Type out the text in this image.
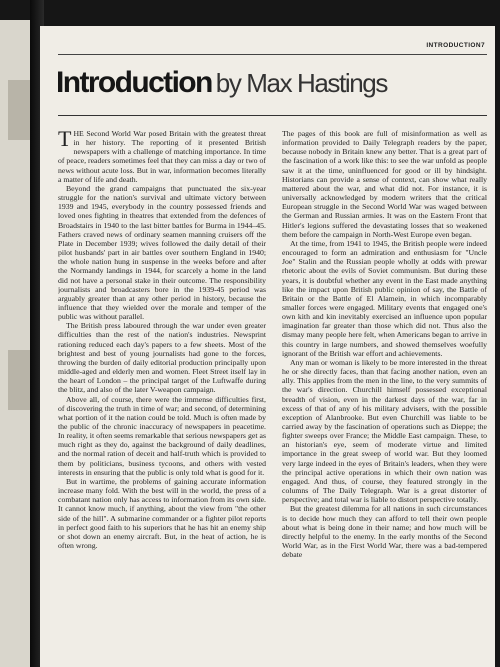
INTRODUCTION7
Introduction by Max Hastings

THE Second World War posed Britain with the greatest threat in her history. The reporting of it presented British newspapers with a challenge of matching importance. In time of peace, readers sometimes feel that they can miss a day or two of news without acute loss. But in war, information becomes literally a matter of life and death.

Beyond the grand campaigns that punctuated the six-year struggle for the nation's survival and ultimate victory between 1939 and 1945, everybody in the country possessed friends and loved ones fighting in theatres that extended from the defences of Broadstairs in 1940 to the last bitter battles for Burma in 1944–45. Fathers craved news of ordinary seamen manning cruisers off the Plate in December 1939; wives followed the daily detail of their pilot husbands' part in air battles over southern England in 1940; the whole nation hung in suspense in the weeks before and after the Normandy landings in 1944, for scarcely a home in the land did not have a personal stake in their outcome. The responsibility journalists and broadcasters bore in the 1939-45 period was arguably greater than at any other period in history, because the influence that they wielded over the morale and temper of the public was without parallel.

The British press laboured through the war under even greater difficulties than the rest of the nation's industries. Newsprint rationing reduced each day's papers to a few sheets. Most of the brightest and best of young journalists had gone to the forces, throwing the burden of daily editorial production principally upon middle-aged and elderly men and women. Fleet Street itself lay in the heart of London – the principal target of the Luftwaffe during the blitz, and also of the later V-weapon campaign.

Above all, of course, there were the immense difficulties first, of discovering the truth in time of war; and second, of determining what portion of it the nation could be told. Much is often made by the public of the chronic inaccuracy of newspapers in peacetime. In reality, it often seems remarkable that serious newspapers get as much right as they do, against the background of daily deadlines, and the normal ration of deceit and half-truth which is provided to them by politicians, business tycoons, and others with vested interests in ensuring that the public is only told what is good for it.

But in wartime, the problems of gaining accurate information increase many fold. With the best will in the world, the press of a combatant nation only has access to information from its own side. It cannot know much, if anything, about the view from "the other side of the hill". A submarine commander or a fighter pilot reports in perfect good faith to his superiors that he has hit an enemy ship or shot down an enemy aircraft. But, in the heat of action, he is often wrong.

The pages of this book are full of misinformation as well as information provided to Daily Telegraph readers by the paper, because nobody in Britain knew any better. That is a great part of the fascination of a work like this: to see the war unfold as people saw it at the time, uninfluenced for good or ill by hindsight. Historians can provide a sense of context, can show what really mattered about the war, and what did not. For instance, it is universally acknowledged by modern writers that the critical European struggle in the Second World War was waged between the German and Russian armies. It was on the Eastern Front that Hitler's legions suffered the devastating losses that so weakened them before the campaign in North-West Europe even began.

At the time, from 1941 to 1945, the British people were indeed encouraged to form an admiration and enthusiasm for "Uncle Joe" Stalin and the Russian people wholly at odds with prewar rhetoric about the evils of Soviet communism. But during these years, it is doubtful whether any event in the East made anything like the impact upon British public opinion of say, the Battle of Britain or the Battle of El Alamein, in which incomparably smaller forces were engaged. Military events that engaged one's own kith and kin inevitably exercised an influence upon popular imagination far greater than those which did not. Thus also the dismay many people here felt, when Americans began to arrive in this country in large numbers, and showed themselves woefully ignorant of the British war effort and achievements.

Any man or woman is likely to be more interested in the threat he or she directly faces, than that facing another nation, even an ally. This applies from the men in the line, to the very summits of the war's direction. Churchill himself possessed exceptional breadth of vision, even in the darkest days of the war, far in excess of that of any of his military advisers, with the possible exception of Alanbrooke. But even Churchill was liable to be carried away by the fascination of operations such as Dieppe; the fighter sweeps over France; the Middle East campaign. These, to an historian's eye, seem of moderate virtue and limited importance in the great sweep of world war. But they loomed very large indeed in the eyes of Britain's leaders, when they were the principal active operations in which their own nation was engaged. And thus, of course, they featured strongly in the columns of The Daily Telegraph. War is a great distorter of perspective; and total war is liable to distort perspective totally.

But the greatest dilemma for all nations in such circumstances is to decide how much they can afford to tell their own people about what is being done in their name; and how much will be directly helpful to the enemy. In the early months of the Second World War, as in the First World War, there was a bad-tempered debate
